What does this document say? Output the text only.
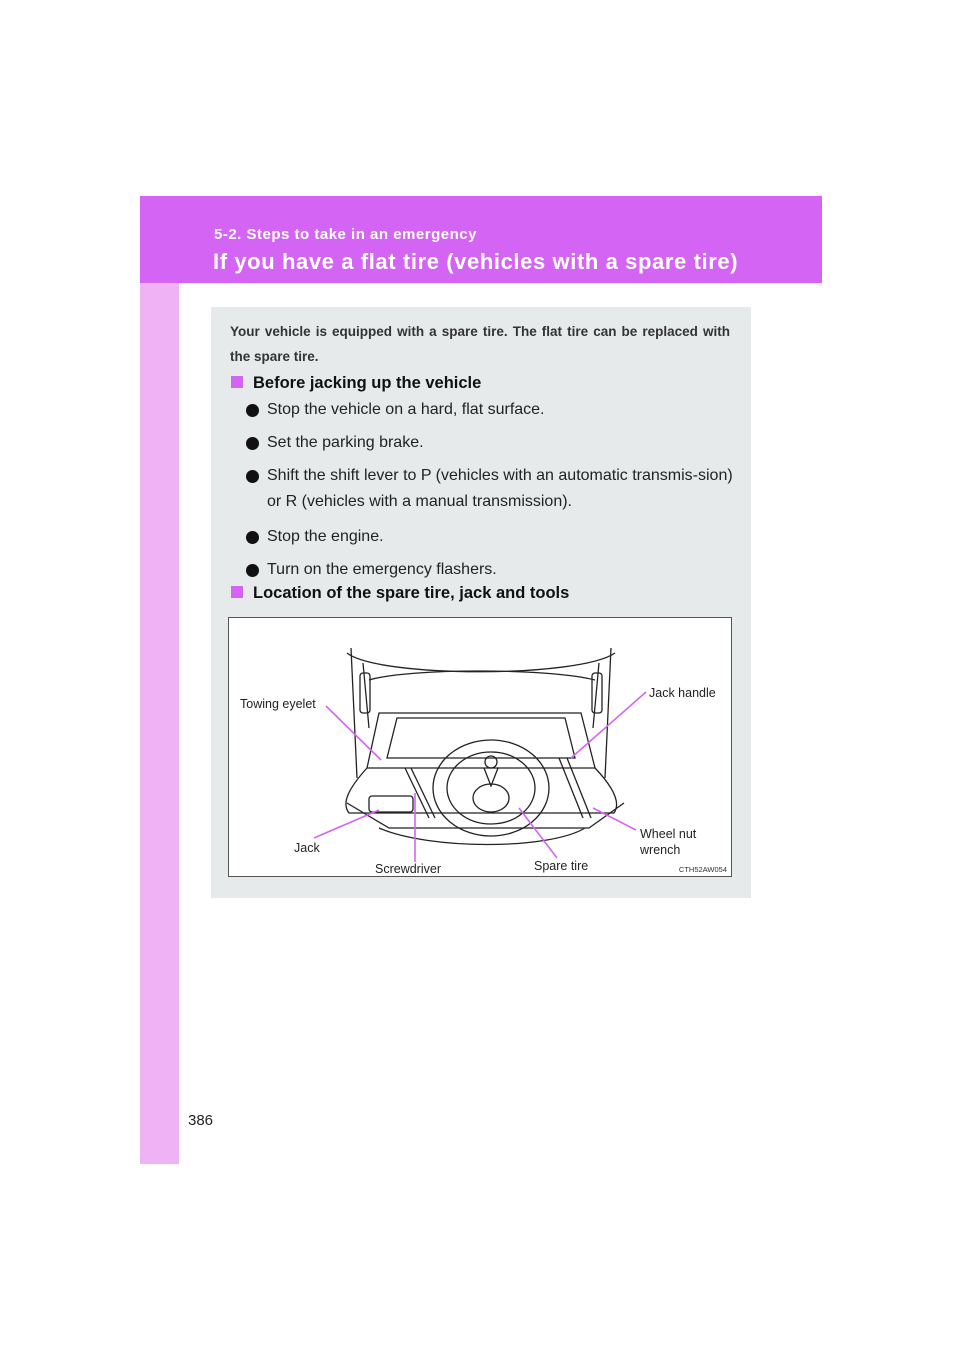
5-2. Steps to take in an emergency
If you have a flat tire (vehicles with a spare tire)
386
Your vehicle is equipped with a spare tire. The flat tire can be replaced with the spare tire.
Before jacking up the vehicle
Stop the vehicle on a hard, flat surface.
Set the parking brake.
Shift the shift lever to P (vehicles with an automatic transmis-sion) or R (vehicles with a manual transmission).
Stop the engine.
Turn on the emergency flashers.
Location of the spare tire, jack and tools
Towing eyelet
Jack handle
Jack
Screwdriver	Spare tire
Wheel nut
wrench
CTH52AW054
